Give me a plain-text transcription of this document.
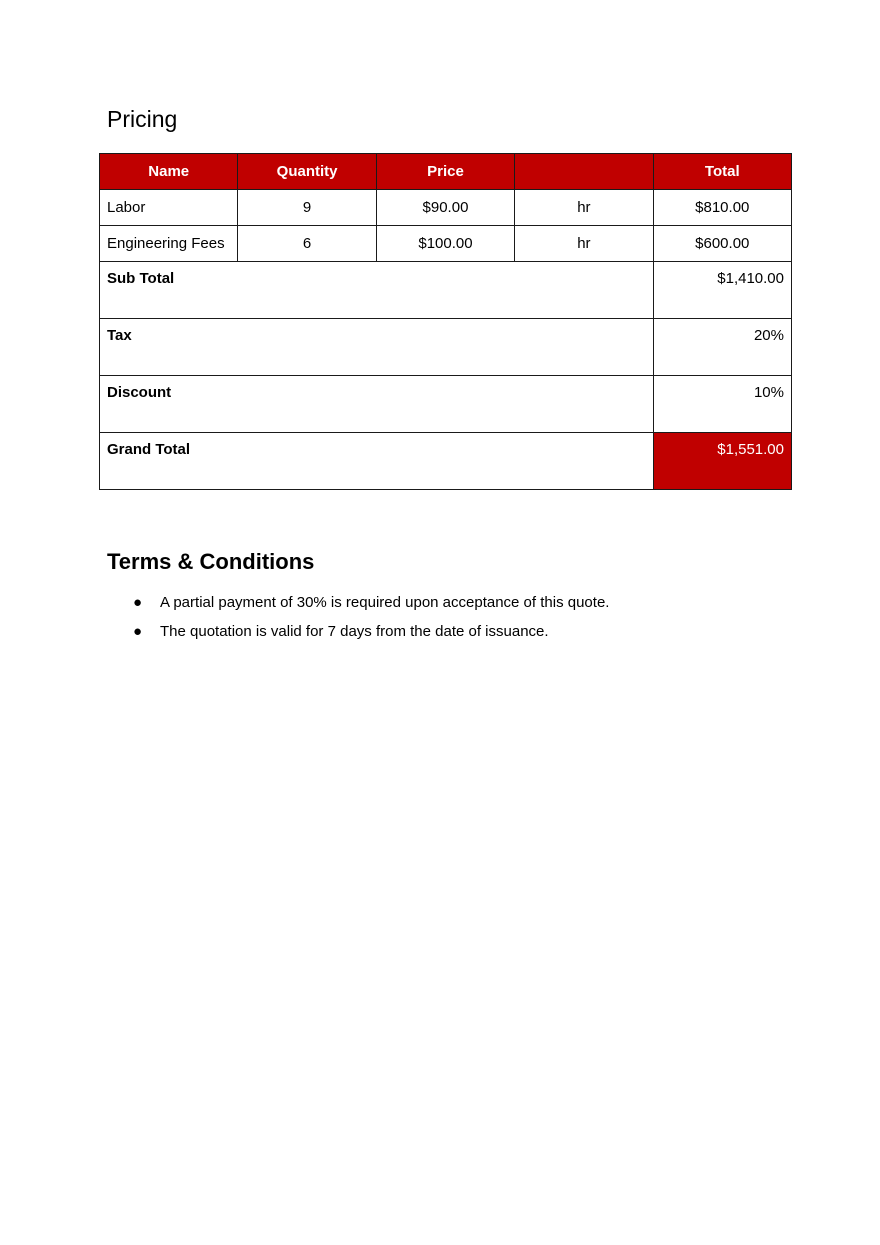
Pricing
Name	Quantity	Price		Total
Labor	9	$90.00	hr	$810.00
Engineering Fees	6	$100.00	hr	$600.00
Sub Total				$1,410.00
Tax				20%
Discount				10%
Grand Total				$1,551.00
Terms & Conditions
● A partial payment of 30% is required upon acceptance of this quote.
● The quotation is valid for 7 days from the date of issuance.
